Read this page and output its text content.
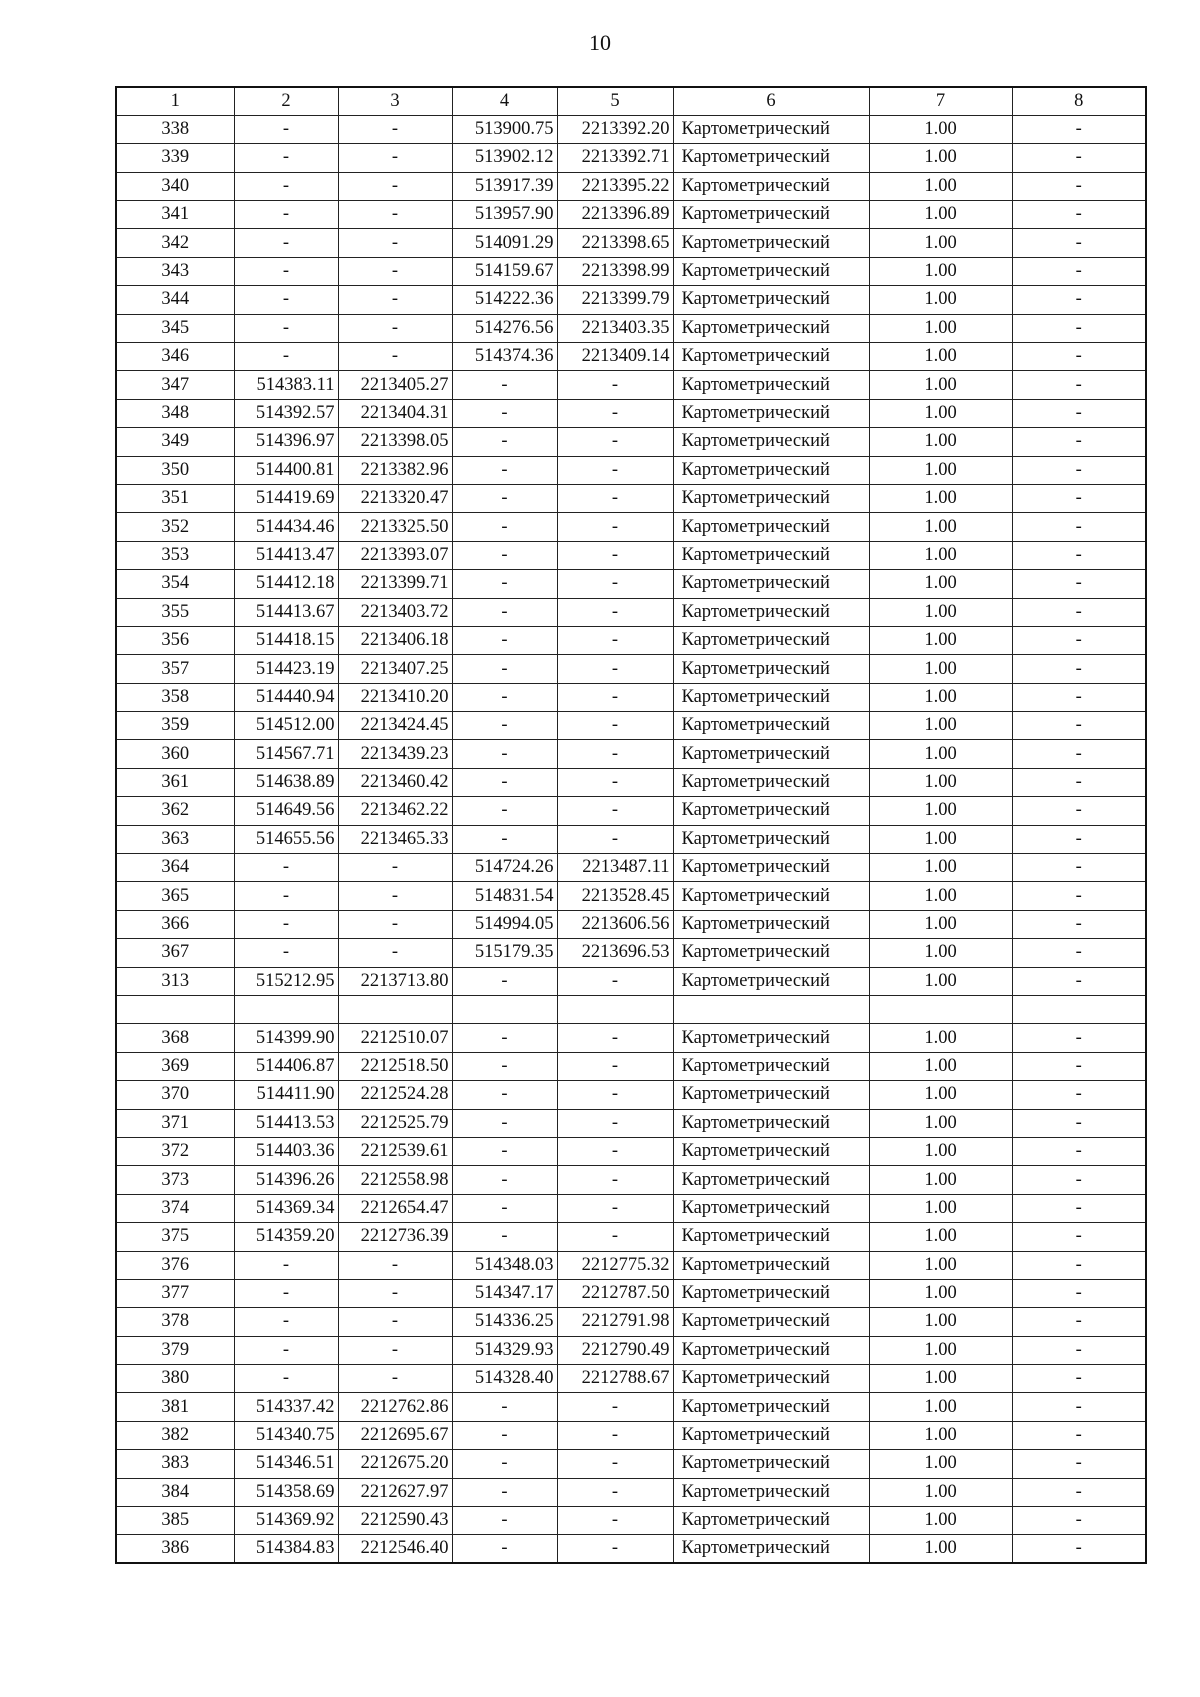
10
1	2	3	4	5	6	7	8
338	-	-	513900.75	2213392.20	Картометрический	1.00	-
339	-	-	513902.12	2213392.71	Картометрический	1.00	-
340	-	-	513917.39	2213395.22	Картометрический	1.00	-
341	-	-	513957.90	2213396.89	Картометрический	1.00	-
342	-	-	514091.29	2213398.65	Картометрический	1.00	-
343	-	-	514159.67	2213398.99	Картометрический	1.00	-
344	-	-	514222.36	2213399.79	Картометрический	1.00	-
345	-	-	514276.56	2213403.35	Картометрический	1.00	-
346	-	-	514374.36	2213409.14	Картометрический	1.00	-
347	514383.11	2213405.27	-	-	Картометрический	1.00	-
348	514392.57	2213404.31	-	-	Картометрический	1.00	-
349	514396.97	2213398.05	-	-	Картометрический	1.00	-
350	514400.81	2213382.96	-	-	Картометрический	1.00	-
351	514419.69	2213320.47	-	-	Картометрический	1.00	-
352	514434.46	2213325.50	-	-	Картометрический	1.00	-
353	514413.47	2213393.07	-	-	Картометрический	1.00	-
354	514412.18	2213399.71	-	-	Картометрический	1.00	-
355	514413.67	2213403.72	-	-	Картометрический	1.00	-
356	514418.15	2213406.18	-	-	Картометрический	1.00	-
357	514423.19	2213407.25	-	-	Картометрический	1.00	-
358	514440.94	2213410.20	-	-	Картометрический	1.00	-
359	514512.00	2213424.45	-	-	Картометрический	1.00	-
360	514567.71	2213439.23	-	-	Картометрический	1.00	-
361	514638.89	2213460.42	-	-	Картометрический	1.00	-
362	514649.56	2213462.22	-	-	Картометрический	1.00	-
363	514655.56	2213465.33	-	-	Картометрический	1.00	-
364	-	-	514724.26	2213487.11	Картометрический	1.00	-
365	-	-	514831.54	2213528.45	Картометрический	1.00	-
366	-	-	514994.05	2213606.56	Картометрический	1.00	-
367	-	-	515179.35	2213696.53	Картометрический	1.00	-
313	515212.95	2213713.80	-	-	Картометрический	1.00	-

368	514399.90	2212510.07	-	-	Картометрический	1.00	-
369	514406.87	2212518.50	-	-	Картометрический	1.00	-
370	514411.90	2212524.28	-	-	Картометрический	1.00	-
371	514413.53	2212525.79	-	-	Картометрический	1.00	-
372	514403.36	2212539.61	-	-	Картометрический	1.00	-
373	514396.26	2212558.98	-	-	Картометрический	1.00	-
374	514369.34	2212654.47	-	-	Картометрический	1.00	-
375	514359.20	2212736.39	-	-	Картометрический	1.00	-
376	-	-	514348.03	2212775.32	Картометрический	1.00	-
377	-	-	514347.17	2212787.50	Картометрический	1.00	-
378	-	-	514336.25	2212791.98	Картометрический	1.00	-
379	-	-	514329.93	2212790.49	Картометрический	1.00	-
380	-	-	514328.40	2212788.67	Картометрический	1.00	-
381	514337.42	2212762.86	-	-	Картометрический	1.00	-
382	514340.75	2212695.67	-	-	Картометрический	1.00	-
383	514346.51	2212675.20	-	-	Картометрический	1.00	-
384	514358.69	2212627.97	-	-	Картометрический	1.00	-
385	514369.92	2212590.43	-	-	Картометрический	1.00	-
386	514384.83	2212546.40	-	-	Картометрический	1.00	-
